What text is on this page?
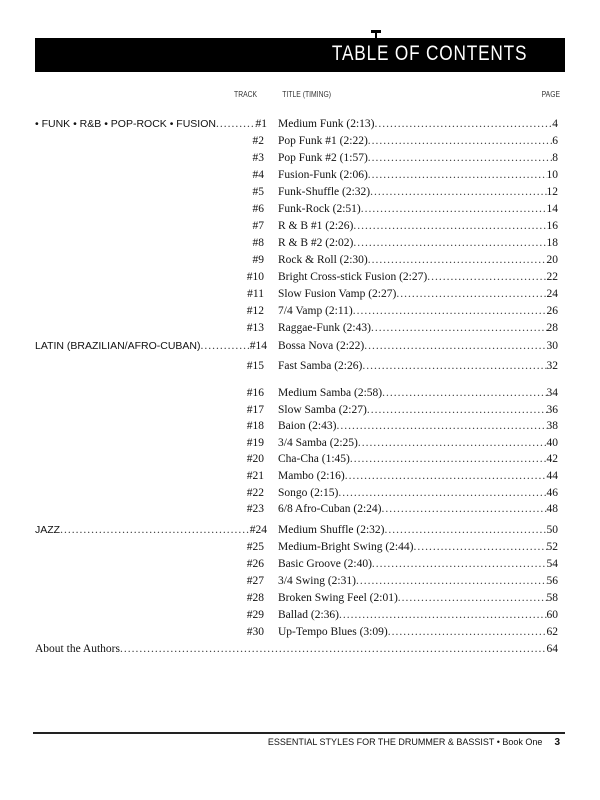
TABLE OF CONTENTS
TRACK	TITLE (TIMING)	PAGE
• FUNK • R&B • POP-ROCK • FUSION .....	#1 Medium Funk (2:13) .....	4
#2 Pop Funk #1 (2:22) .....	6
#3 Pop Funk #2 (1:57) .....	8
#4 Fusion-Funk (2:06) .....	10
#5 Funk-Shuffle (2:32) .....	12
#6 Funk-Rock (2:51) .....	14
#7 R & B #1 (2:26) .....	16
#8 R & B #2 (2:02) .....	18
#9 Rock & Roll (2:30) .....	20
#10 Bright Cross-stick Fusion (2:27) .....	22
#11 Slow Fusion Vamp (2:27) .....	24
#12 7/4 Vamp (2:11) .....	26
#13 Raggae-Funk (2:43) .....	28
LATIN (BRAZILIAN/AFRO-CUBAN) .....	#14 Bossa Nova (2:22) .....	30
#15 Fast Samba (2:26) .....	32
#16 Medium Samba (2:58) .....	34
#17 Slow Samba (2:27) .....	36
#18 Baion (2:43) .....	38
#19 3/4 Samba (2:25) .....	40
#20 Cha-Cha (1:45) .....	42
#21 Mambo (2:16) .....	44
#22 Songo (2:15) .....	46
#23 6/8 Afro-Cuban (2:24) .....	48
JAZZ .....	#24 Medium Shuffle (2:32) .....	50
#25 Medium-Bright Swing (2:44) .....	52
#26 Basic Groove (2:40) .....	54
#27 3/4 Swing (2:31) .....	56
#28 Broken Swing Feel (2:01) .....	58
#29 Ballad (2:36) .....	60
#30 Up-Tempo Blues (3:09) .....	62
About the Authors .....	64
ESSENTIAL STYLES FOR THE DRUMMER & BASSIST • Book One 3
